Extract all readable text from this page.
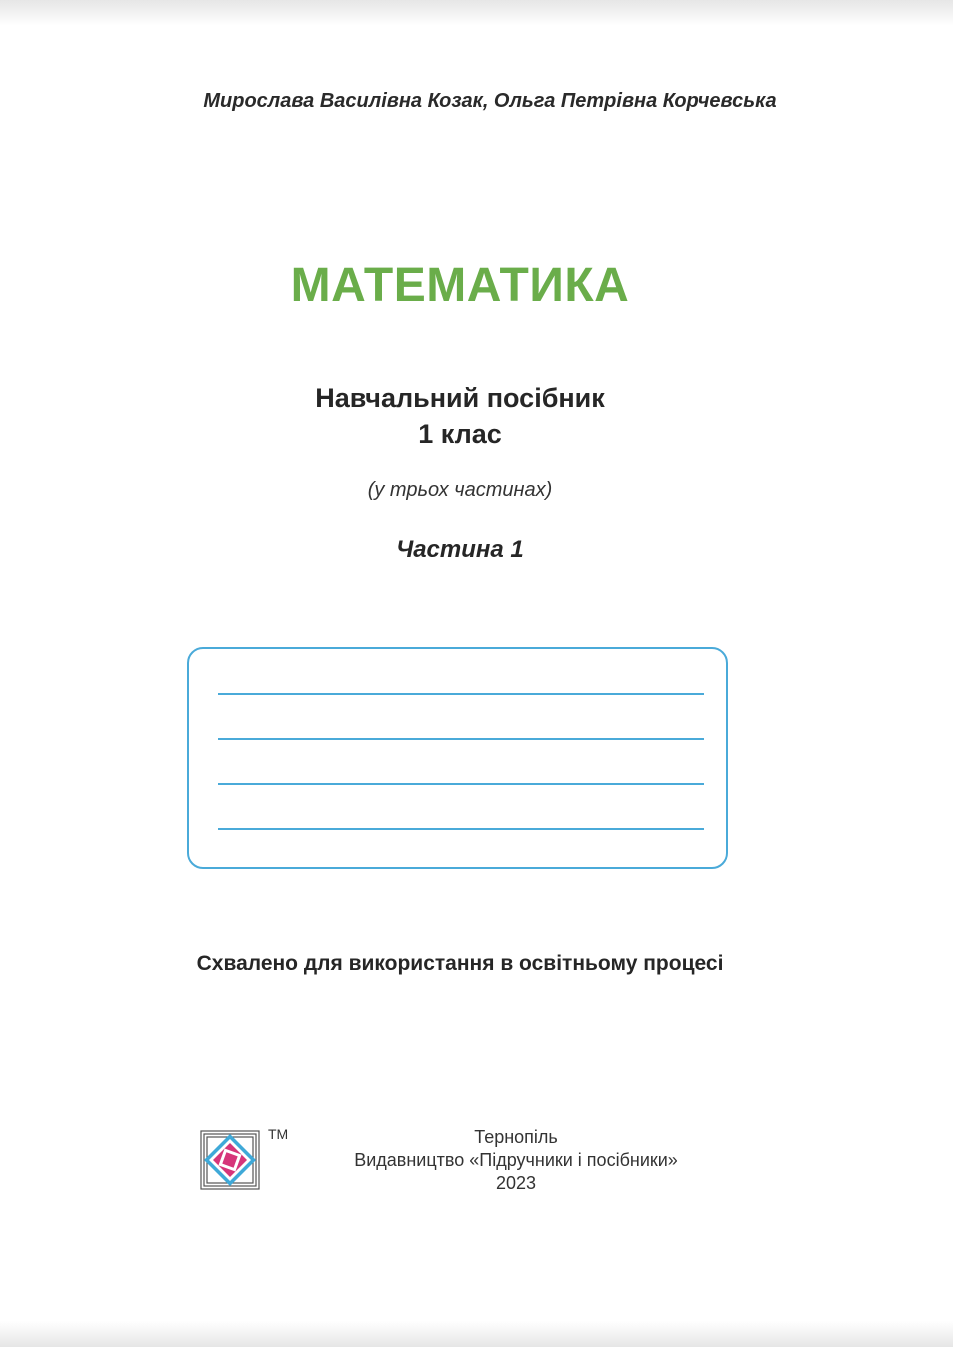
Мирослава Василівна Козак, Ольга Петрівна Корчевська
МАТЕМАТИКА
Навчальний посібник
1 клас
(у трьох частинах)
Частина 1
Схвалено для використання в освітньому процесі
TM	Тернопіль
Видавництво «Підручники і посібники»
2023
